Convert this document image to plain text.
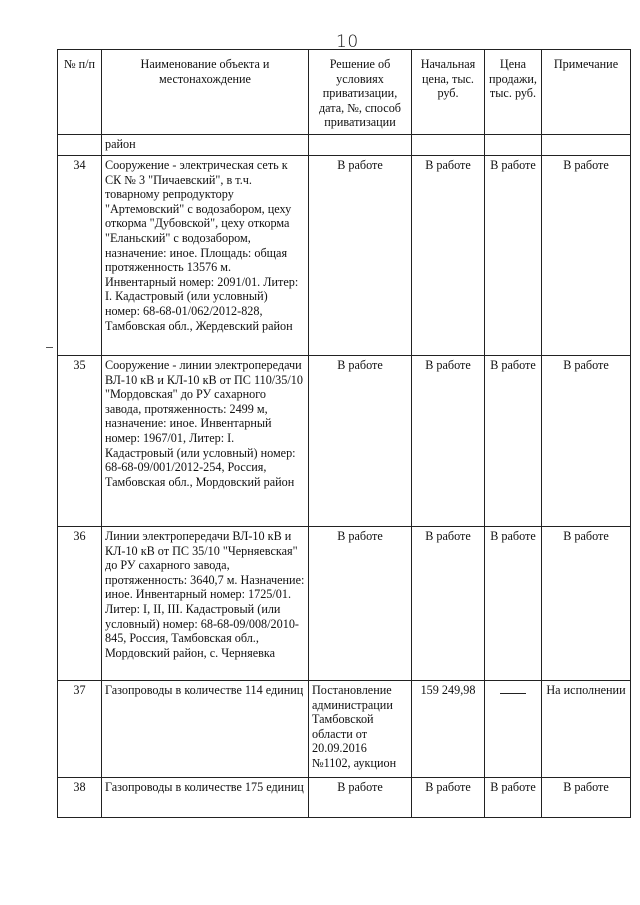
10
№ п/п	Наименование объекта и местонахождение	Решение об условиях приватизации, дата, №, способ приватизации	Начальная цена, тыс. руб.	Цена продажи, тыс. руб.	Примечание
	район				
34	Сооружение - электрическая сеть к СК № 3 "Пичаевский", в т.ч. товарному репродуктору "Артемовский" с водозабором, цеху откорма "Дубовской", цеху откорма "Еланьский" с водозабором, назначение: иное. Площадь: общая протяженность 13576 м. Инвентарный номер: 2091/01. Литер: I. Кадастровый (или условный) номер: 68-68-01/062/2012-828, Тамбовская обл., Жердевский район	В работе	В работе	В работе	В работе
35	Сооружение - линии электропередачи ВЛ-10 кВ и КЛ-10 кВ от ПС 110/35/10 "Мордовская" до РУ сахарного завода, протяженность: 2499 м, назначение: иное. Инвентарный номер: 1967/01, Литер: I. Кадастровый (или условный) номер: 68-68-09/001/2012-254, Россия, Тамбовская обл., Мордовский район	В работе	В работе	В работе	В работе
36	Линии электропередачи ВЛ-10 кВ и КЛ-10 кВ от ПС 35/10 "Черняевская" до РУ сахарного завода, протяженность: 3640,7 м. Назначение: иное. Инвентарный номер: 1725/01. Литер: I, II, III. Кадастровый (или условный) номер: 68-68-09/008/2010-845, Россия, Тамбовская обл., Мордовский район, с. Черняевка	В работе	В работе	В работе	В работе
37	Газопроводы в количестве 114 единиц	Постановление администрации Тамбовской области от 20.09.2016 №1102, аукцион	159 249,98		На исполнении
38	Газопроводы в количестве 175 единиц	В работе	В работе	В работе	В работе
